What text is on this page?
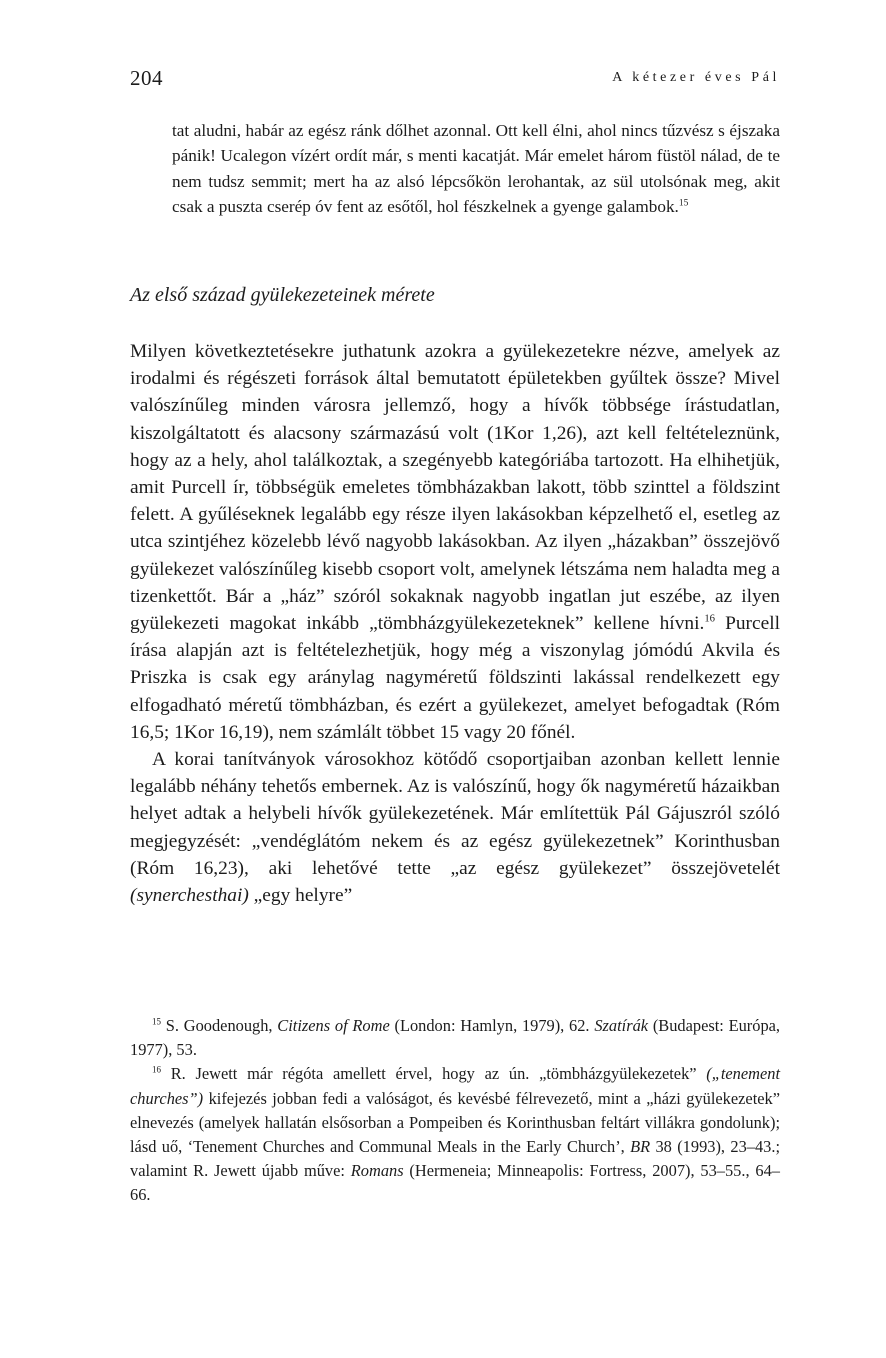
204	A kétezer éves Pál
tat aludni, habár az egész ránk dőlhet azonnal. Ott kell élni, ahol nincs tűzvész s éjszaka pánik! Ucalegon vízért ordít már, s menti kacatját. Már emelet három füstöl nálad, de te nem tudsz semmit; mert ha az alsó lépcsőkön lerohantak, az sül utolsónak meg, akit csak a puszta cserép óv fent az esőtől, hol fészkelnek a gyenge galambok.$^{15}$
Az első század gyülekezeteinek mérete

Milyen következtetésekre juthatunk azokra a gyülekezetekre nézve, amelyek az irodalmi és régészeti források által bemutatott épületekben gyűltek össze? Mivel valószínűleg minden városra jellemző, hogy a hívők többsége írástudatlan, kiszolgáltatott és alacsony származású volt (1Kor 1,26), azt kell feltételeznünk, hogy az a hely, ahol találkoztak, a szegényebb kategóriába tartozott. Ha elhihetjük, amit Purcell ír, többségük emeletes tömbházakban lakott, több szinttel a földszint felett. A gyűléseknek legalább egy része ilyen lakásokban képzelhető el, esetleg az utca szintjéhez közelebb lévő nagyobb lakásokban. Az ilyen „házakban” összejövő gyülekezet valószínűleg kisebb csoport volt, amelynek létszáma nem haladta meg a tizenkettőt. Bár a „ház” szóról sokaknak nagyobb ingatlan jut eszébe, az ilyen gyülekezeti magokat inkább „tömbházgyülekezeteknek” kellene hívni.$^{16}$ Purcell írása alapján azt is feltételezhetjük, hogy még a viszonylag jómódú Akvila és Priszka is csak egy aránylag nagyméretű földszinti lakással rendelkezett egy elfogadható méretű tömbházban, és ezért a gyülekezet, amelyet befogadtak (Róm 16,5; 1Kor 16,19), nem számlált többet 15 vagy 20 főnél.

A korai tanítványok városokhoz kötődő csoportjaiban azonban kellett lennie legalább néhány tehetős embernek. Az is valószínű, hogy ők nagyméretű házaikban helyet adtak a helybeli hívők gyülekezetének. Már említettük Pál Gájuszról szóló megjegyzését: „vendéglátóm nekem és az egész gyülekezetnek” Korinthusban (Róm 16,23), aki lehetővé tette „az egész gyülekezet” összejövetelét (synerchesthai) „egy helyre”

$^{15}$ S. Goodenough, Citizens of Rome (London: Hamlyn, 1979), 62. Szatírák (Budapest: Európa, 1977), 53.

$^{16}$ R. Jewett már régóta amellett érvel, hogy az ún. „tömbházgyülekezetek” („tenement churches”) kifejezés jobban fedi a valóságot, és kevésbé félrevezető, mint a „házi gyülekezetek” elnevezés (amelyek hallatán elsősorban a Pompeiben és Korinthusban feltárt villákra gondolunk); lásd uő, ‘Tenement Churches and Communal Meals in the Early Church’, BR 38 (1993), 23–43.; valamint R. Jewett újabb műve: Romans (Hermeneia; Minneapolis: Fortress, 2007), 53–55., 64–66.
